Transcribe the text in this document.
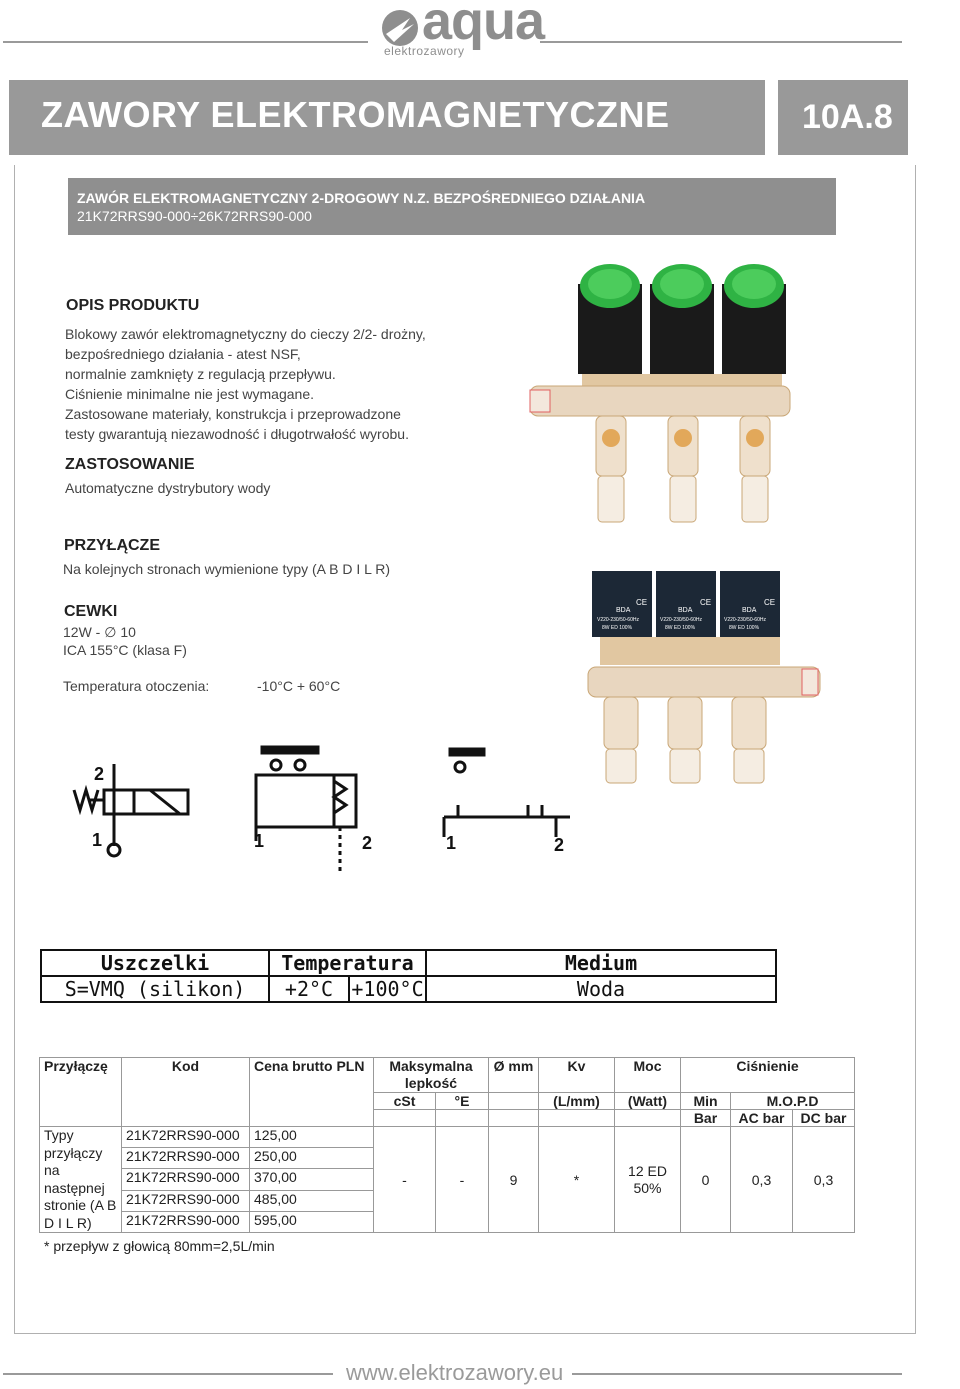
aqua
elektrozawory
ZAWORY ELEKTROMAGNETYCZNE	10A.8
ZAWÓR ELEKTROMAGNETYCZNY 2-DROGOWY N.Z. BEZPOŚREDNIEGO DZIAŁANIA
21K72RRS90-000÷26K72RRS90-000
OPIS PRODUKTU
Blokowy zawór elektromagnetyczny do cieczy 2/2- drożny,
bezpośredniego działania - atest NSF,
normalnie zamknięty z regulacją przepływu.
Ciśnienie minimalne nie jest wymagane.
Zastosowane materiały, konstrukcja i przeprowadzone
testy gwarantują niezawodność i długotrwałość wyrobu.
ZASTOSOWANIE
Automatyczne dystrybutory wody
PRZYŁĄCZE
Na kolejnych stronach wymienione typy (A B D I L R)
CEWKI
12W - ∅ 10
ICA 155°C (klasa F)
Temperatura otoczenia:	-10°C + 60°C
BDA
V220-230/50-60Hz
8W ED 100%
CE
BDA
V220-230/50-60Hz
8W ED 100%
CE
BDA
V220-230/50-60Hz
8W ED 100%
CE
2
1	1	2	1	2
Uszczelki	Temperatura		Medium
S=VMQ (silikon)	+2°C	+100°C	Woda
Przyłączę	Kod	Cena brutto PLN	Maksymalna lepkość		Ø mm	Kv	Moc	Ciśnienie		

			cSt	°E		(L/mm)	(Watt)	Min	M.O.P.D	
								Bar	AC bar	DC bar
Typy przyłączy na następnej stronie (A B D I L R)	21K72RRS90-000	125,00	-	-	9	*	12 ED 50%	0	0,3	0,3
	21K72RRS90-000	250,00								
	21K72RRS90-000	370,00								
	21K72RRS90-000	485,00								
	21K72RRS90-000	595,00								
* przepływ z głowicą 80mm=2,5L/min
www.elektrozawory.eu
